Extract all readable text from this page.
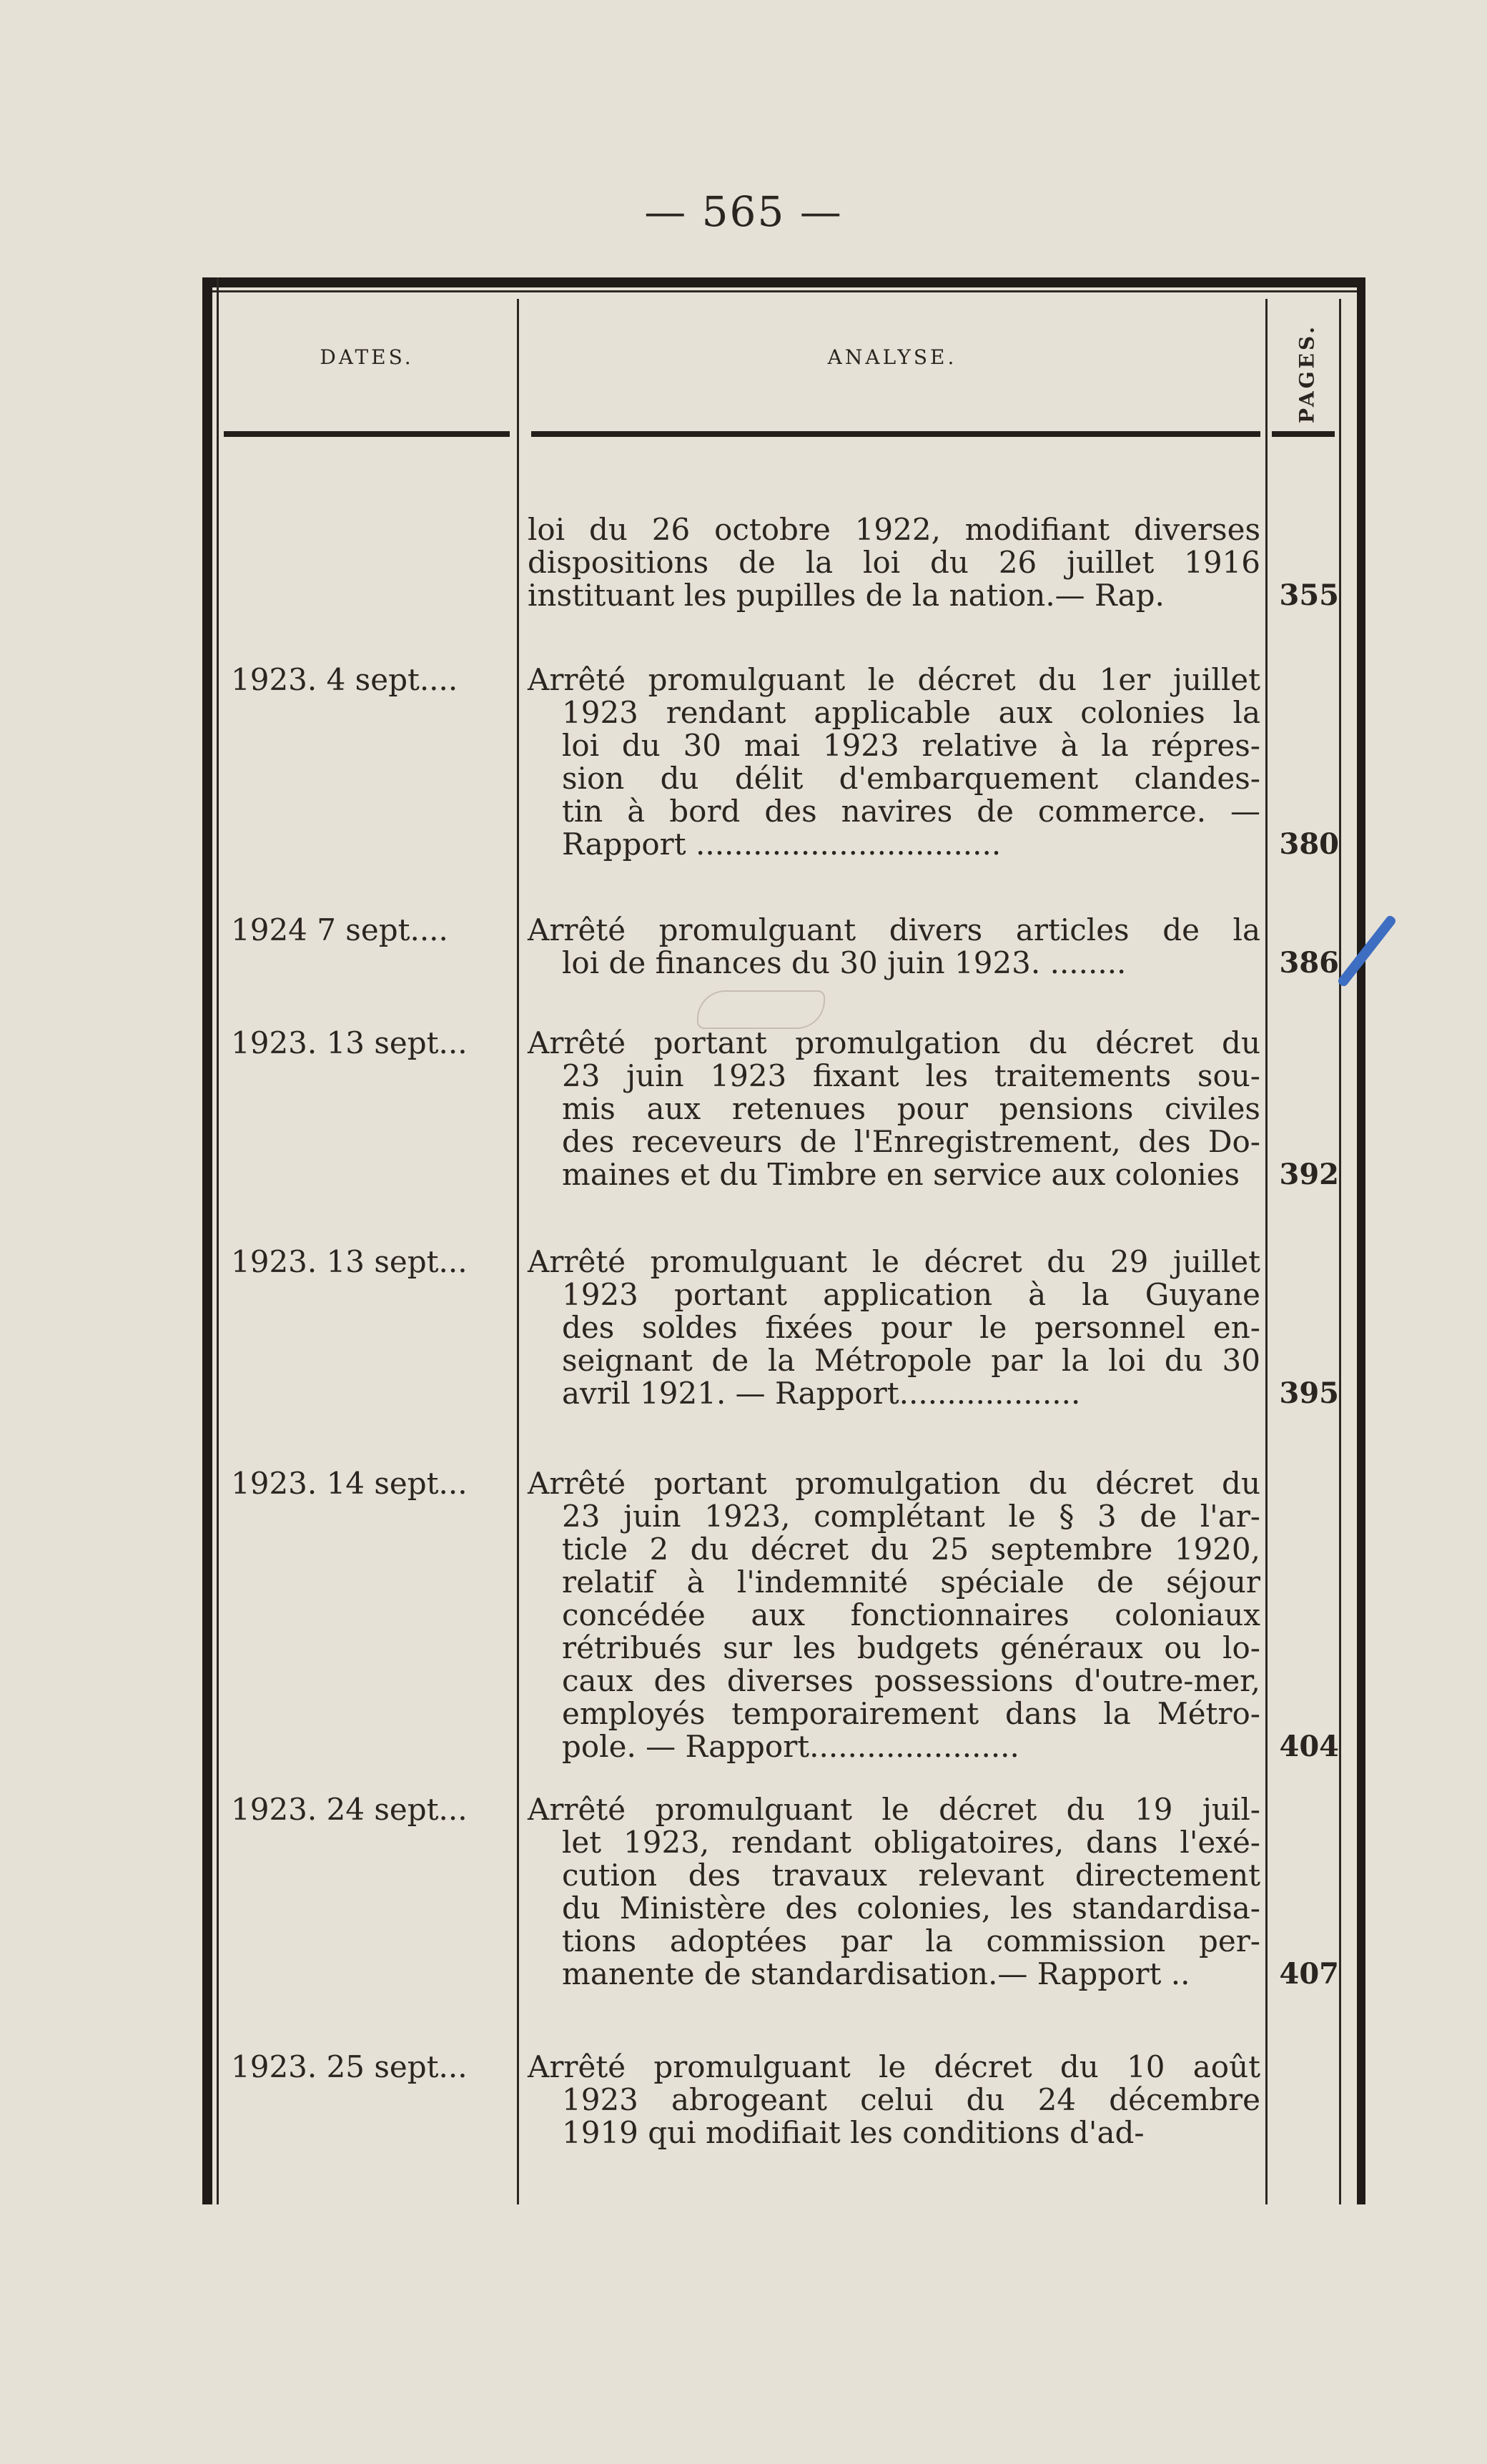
— 565 —
DATES.	ANALYSE.	PAGES.
loi du 26 octobre 1922, modifiant diverses
dispositions de la loi du 26 juillet 1916
instituant les pupilles de la nation.— Rap.	355
1923. 4 sept....	Arrêté promulguant le décret du 1er juillet
1923 rendant applicable aux colonies la
loi du 30 mai 1923 relative à la répres-
sion du délit d'embarquement clandes-
tin à bord des navires de commerce. —
Rapport ................................	380
1924 7 sept....	Arrêté promulguant divers articles de la
loi de finances du 30 juin 1923. ........	386
1923. 13 sept...	Arrêté portant promulgation du décret du
23 juin 1923 fixant les traitements sou-
mis aux retenues pour pensions civiles
des receveurs de l'Enregistrement, des Do-
maines et du Timbre en service aux colonies	392
1923. 13 sept...	Arrêté promulguant le décret du 29 juillet
1923 portant application à la Guyane
des soldes fixées pour le personnel en-
seignant de la Métropole par la loi du 30
avril 1921. — Rapport...................	395
1923. 14 sept...	Arrêté portant promulgation du décret du
23 juin 1923, complétant le § 3 de l'ar-
ticle 2 du décret du 25 septembre 1920,
relatif à l'indemnité spéciale de séjour
concédée aux fonctionnaires coloniaux
rétribués sur les budgets généraux ou lo-
caux des diverses possessions d'outre-mer,
employés temporairement dans la Métro-
pole. — Rapport......................	404
1923. 24 sept...	Arrêté promulguant le décret du 19 juil-
let 1923, rendant obligatoires, dans l'exé-
cution des travaux relevant directement
du Ministère des colonies, les standardisa-
tions adoptées par la commission per-
manente de standardisation.— Rapport ..	407
1923. 25 sept...	Arrêté promulguant le décret du 10 août
1923 abrogeant celui du 24 décembre
1919 qui modifiait les conditions d'ad-
